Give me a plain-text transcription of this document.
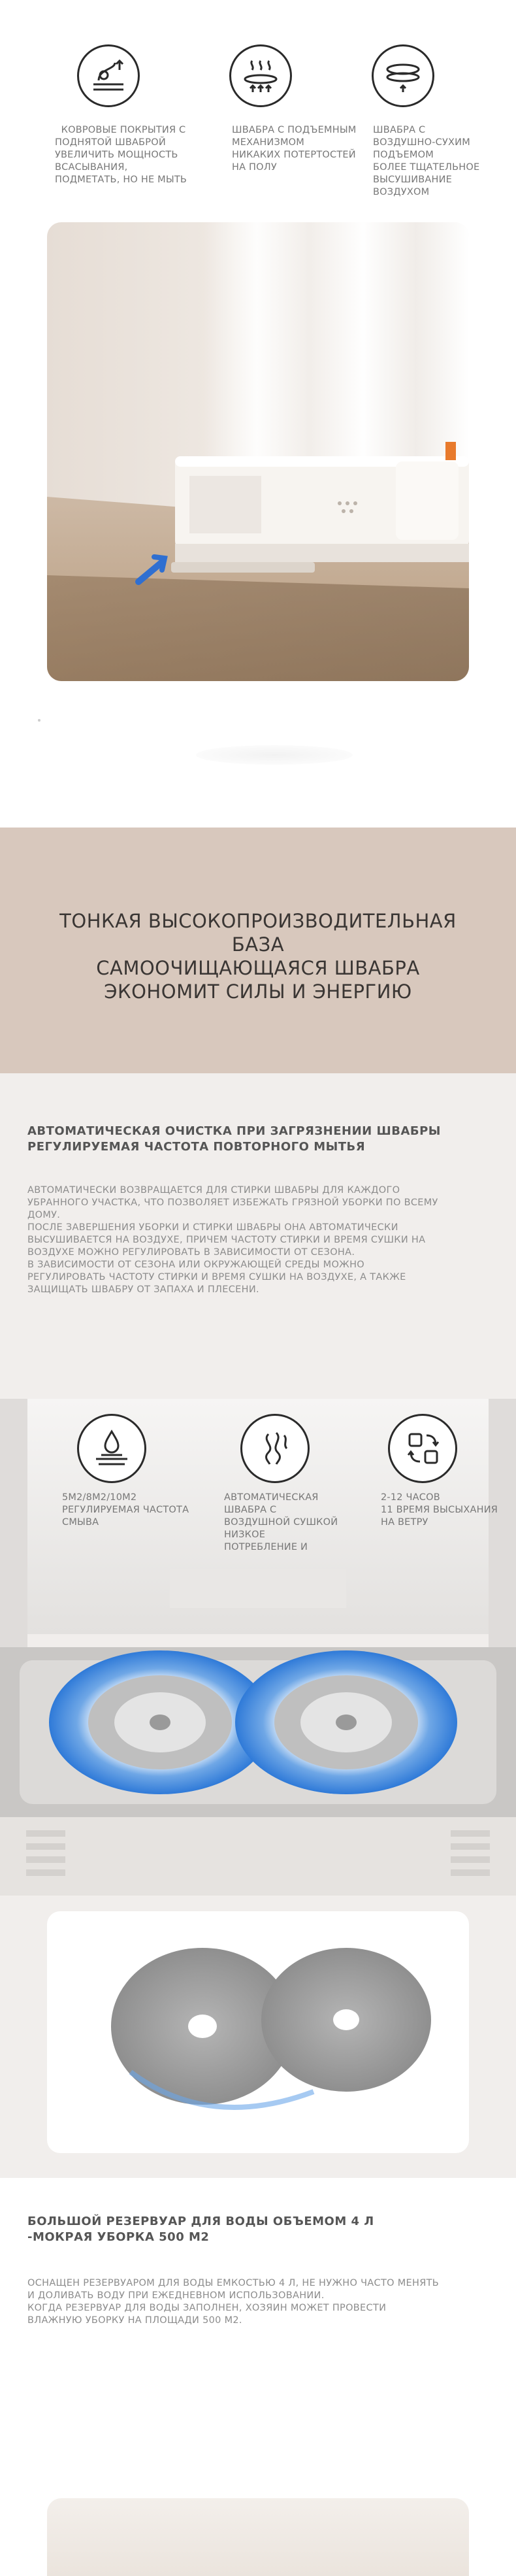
КОВРОВЫЕ ПОКРЫТИЯ С
ПОДНЯТОЙ ШВАБРОЙ
УВЕЛИЧИТЬ МОЩНОСТЬ
ВСАСЫВАНИЯ,
ПОДМЕТАТЬ, НО НЕ МЫТЬ
ШВАБРА С ПОДЪЕМНЫМ
МЕХАНИЗМОМ
НИКАКИХ ПОТЕРТОСТЕЙ
НА ПОЛУ
ШВАБРА С
ВОЗДУШНО-СУХИМ
ПОДЪЕМОМ
БОЛЕЕ ТЩАТЕЛЬНОЕ
ВЫСУШИВАНИЕ
ВОЗДУХОМ
ТОНКАЯ ВЫСОКОПРОИЗВОДИТЕЛЬНАЯ
БАЗА
САМООЧИЩАЮЩАЯСЯ ШВАБРА
ЭКОНОМИТ СИЛЫ И ЭНЕРГИЮ
АВТОМАТИЧЕСКАЯ ОЧИСТКА ПРИ ЗАГРЯЗНЕНИИ ШВАБРЫ
РЕГУЛИРУЕМАЯ ЧАСТОТА ПОВТОРНОГО МЫТЬЯ
АВТОМАТИЧЕСКИ ВОЗВРАЩАЕТСЯ ДЛЯ СТИРКИ ШВАБРЫ ДЛЯ КАЖДОГО
УБРАННОГО УЧАСТКА, ЧТО ПОЗВОЛЯЕТ ИЗБЕЖАТЬ ГРЯЗНОЙ УБОРКИ ПО ВСЕМУ
ДОМУ.
ПОСЛЕ ЗАВЕРШЕНИЯ УБОРКИ И СТИРКИ ШВАБРЫ ОНА АВТОМАТИЧЕСКИ
ВЫСУШИВАЕТСЯ НА ВОЗДУХЕ, ПРИЧЕМ ЧАСТОТУ СТИРКИ И ВРЕМЯ СУШКИ НА
ВОЗДУХЕ МОЖНО РЕГУЛИРОВАТЬ В ЗАВИСИМОСТИ ОТ СЕЗОНА.
В ЗАВИСИМОСТИ ОТ СЕЗОНА ИЛИ ОКРУЖАЮЩЕЙ СРЕДЫ МОЖНО
РЕГУЛИРОВАТЬ ЧАСТОТУ СТИРКИ И ВРЕМЯ СУШКИ НА ВОЗДУХЕ, А ТАКЖЕ
ЗАЩИЩАТЬ ШВАБРУ ОТ ЗАПАХА И ПЛЕСЕНИ.
5М2/8М2/10М2
РЕГУЛИРУЕМАЯ ЧАСТОТА
СМЫВА
АВТОМАТИЧЕСКАЯ
ШВАБРА С
ВОЗДУШНОЙ СУШКОЙ
НИЗКОЕ
ПОТРЕБЛЕНИЕ И
2-12 ЧАСОВ
11 ВРЕМЯ ВЫСЫХАНИЯ
НА ВЕТРУ
БОЛЬШОЙ РЕЗЕРВУАР ДЛЯ ВОДЫ ОБЪЕМОМ 4 Л
-МОКРАЯ УБОРКА 500 М2
ОСНАЩЕН РЕЗЕРВУАРОМ ДЛЯ ВОДЫ ЕМКОСТЬЮ 4 Л, НЕ НУЖНО ЧАСТО МЕНЯТЬ
И ДОЛИВАТЬ ВОДУ ПРИ ЕЖЕДНЕВНОМ ИСПОЛЬЗОВАНИИ.
КОГДА РЕЗЕРВУАР ДЛЯ ВОДЫ ЗАПОЛНЕН, ХОЗЯИН МОЖЕТ ПРОВЕСТИ
ВЛАЖНУЮ УБОРКУ НА ПЛОЩАДИ 500 М2.
